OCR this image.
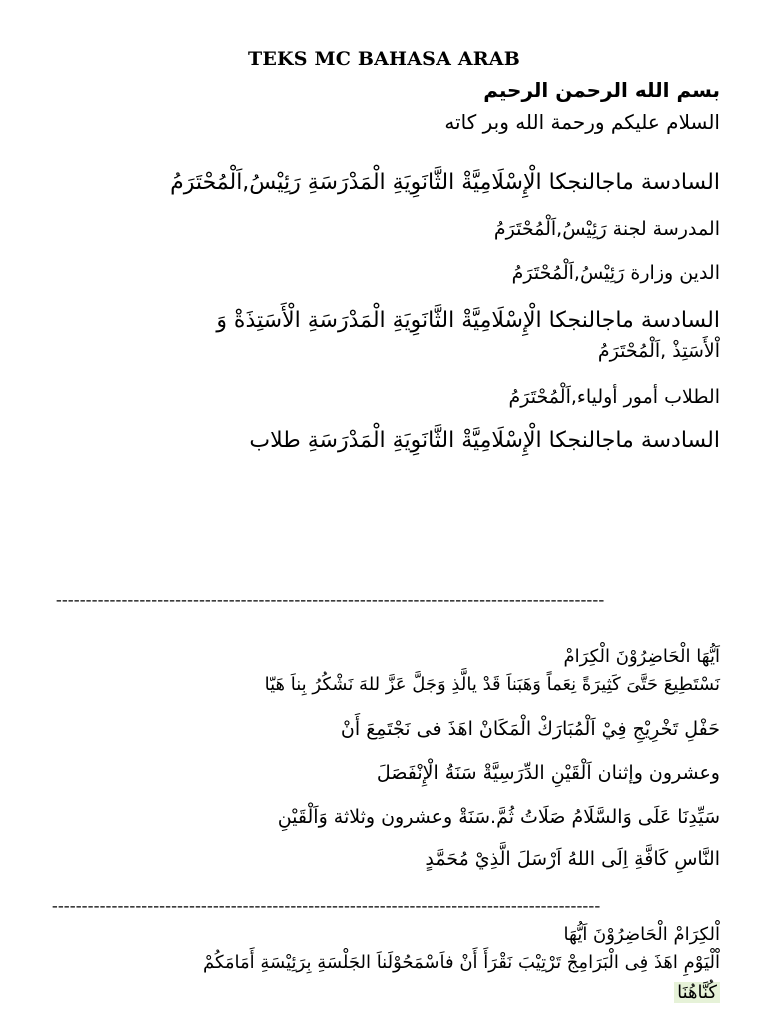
TEKS MC BAHASA ARAB
بسم الله الرحمن الرحيم
السلام عليكم ورحمة الله وبر كاته
السادسة ماجالنجكا الْإِسْلَامِيَّةْ الثَّانَوِيَةِ الْمَدْرَسَةِ رَئِيْسُ,اَلْمُحْتَرَمُ
المدرسة لجنة رَئِيْسُ,اَلْمُحْتَرَمُ
الدين وزارة رَئِيْسُ,اَلْمُحْتَرَمُ
السادسة ماجالنجكا الْإِسْلَامِيَّةْ الثَّانَوِيَةِ الْمَدْرَسَةِ الْأَسَتِذَةْ وَ
اْلأَسَتِذْ ,اَلْمُحْتَرَمُ
الطلاب أمور أولياء,اَلْمُحْتَرَمُ
السادسة ماجالنجكا الْإِسْلَامِيَّةْ الثَّانَوِيَةِ الْمَدْرَسَةِ طلاب
--------------------------------------------------------------------------------------------
اَيُّهَا الْحَاضِرُوْنَ الْكِرَامْ
نَسْتَطِيعَ حَتَّىَ كَثِيرَةً نِعَماً وَهَبَناَ قَدْ يالَّذِ وَجَلَّ عَزَّ للهَ نَشْكُرُ بِناَ هَيّا
حَفْلِ تَخْرِيْجِ فِيْ اَلْمُبَارَكْ الْمَكَانْ اهَذَ فى نَجْتَمِعَ أَنْ
وعشرون وإثنان اَلْقَيْنِ الدِّرَسِيَّةْ سَنَةُ الْإِنْفَصَلَ
سَيِّدِنَا عَلَى وَالسَّلَامُ صَلَاتُ ثُمَّ.سَنَةْ وعشرون وثلاثة وَاَلْقَيْنِ
النَّاسِ كَافَّةِ اِلَى اللهُ اَرْسَلَ الَّذِيْ مُحَمَّدٍ
--------------------------------------------------------------------------------------------
اْلكِرَامْ الْحَاضِرُوْنَ اَيُّهَا
اْلْيَوْمِ اهَذَ فِى الْبَرَامِجْ تَرْتِيْبَ نَقْرَأَ أَنْ فاَسْمَحُوْلَناَ الجَلْسَةِ بِرَئِيْسَةِ أَمَامَكُمْ
كُنَّاهُنَا
